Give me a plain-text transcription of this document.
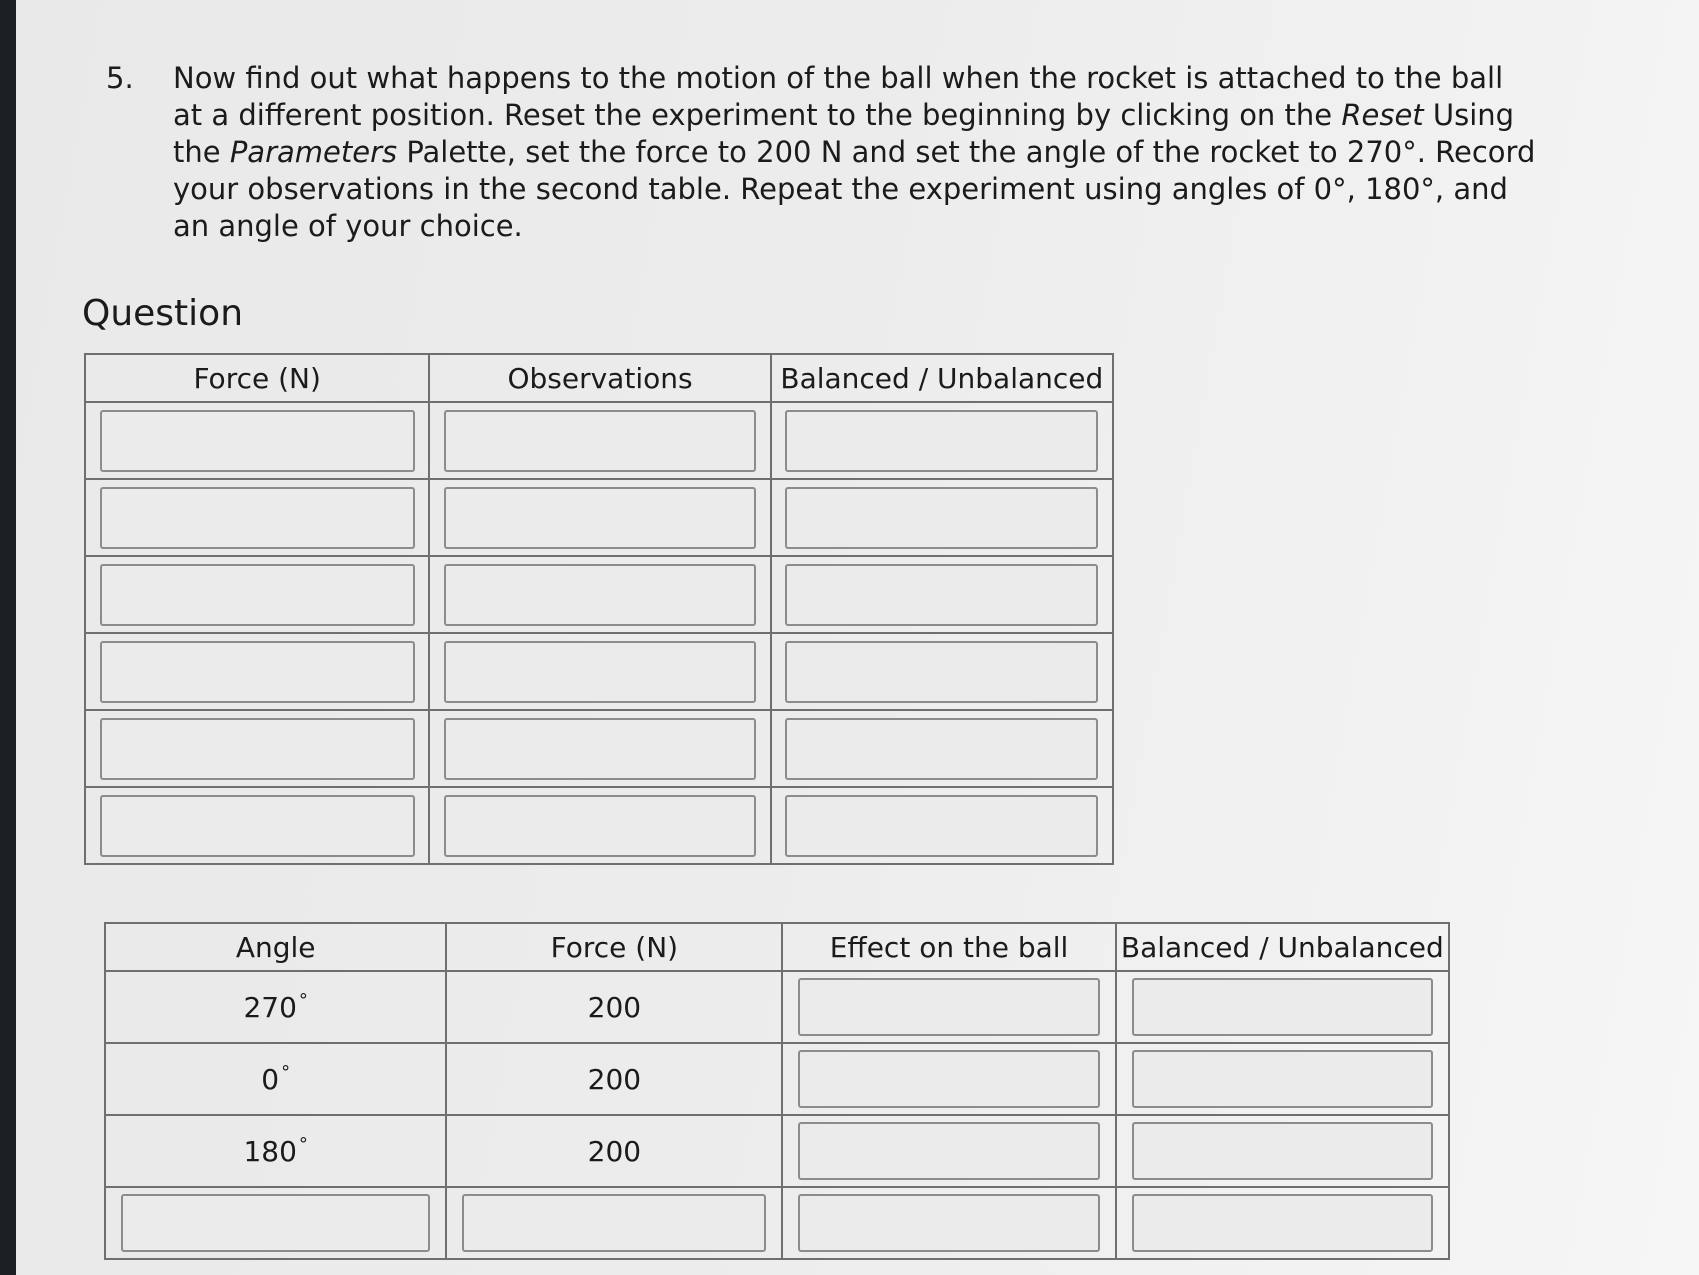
5. Now find out what happens to the motion of the ball when the rocket is attached to the ball at a different position. Reset the experiment to the beginning by clicking on the Reset Using the Parameters Palette, set the force to 200 N and set the angle of the rocket to 270°. Record your observations in the second table. Repeat the experiment using angles of 0°, 180°, and an angle of your choice.

Question
Force (N)	Observations	Balanced / Unbalanced

Angle	Force (N)	Effect on the ball	Balanced / Unbalanced
270 °	200	

0 °	200	

180 °	200	
